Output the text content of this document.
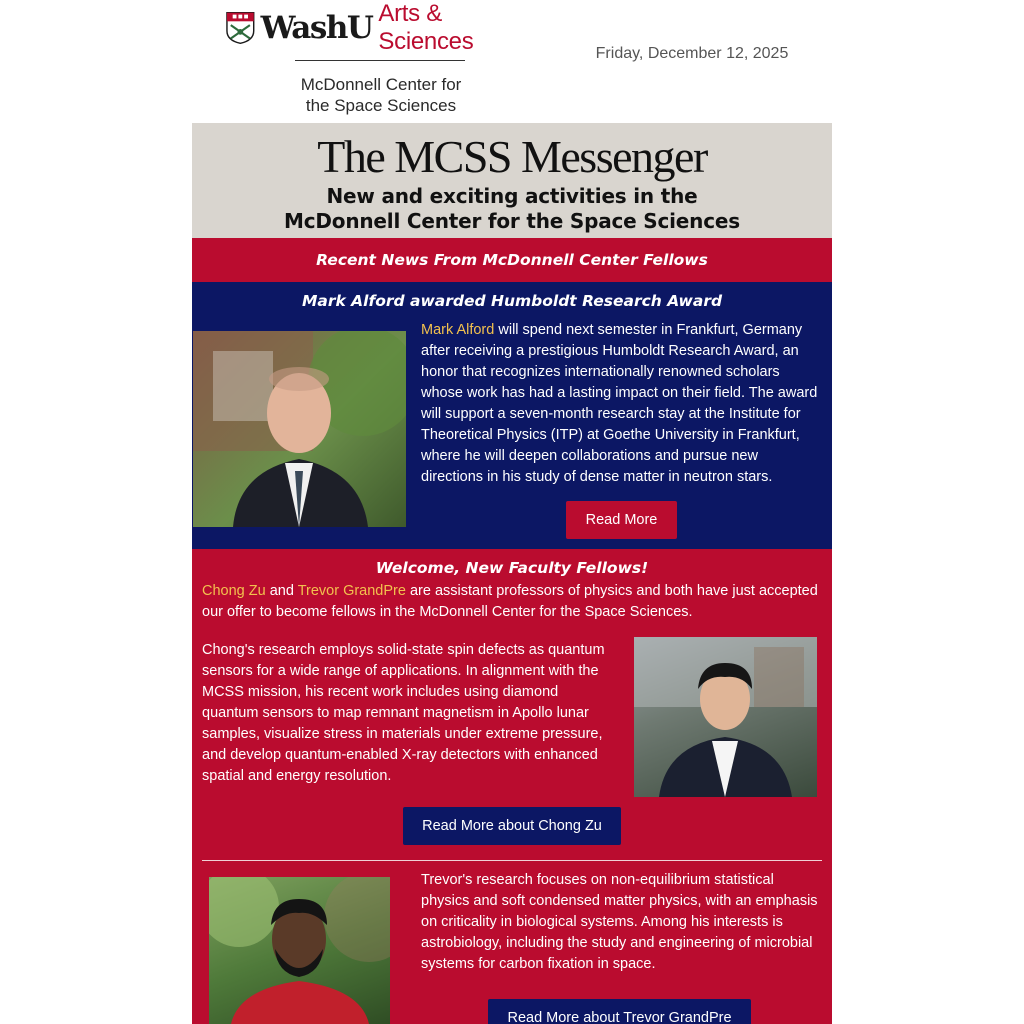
WashU Arts & Sciences
McDonnell Center for
the Space Sciences
Friday, December 12, 2025
The MCSS Messenger
New and exciting activities in the
McDonnell Center for the Space Sciences
Recent News From McDonnell Center Fellows
Mark Alford awarded Humboldt Research Award
Mark Alford will spend next semester in Frankfurt, Germany after receiving a prestigious Humboldt Research Award, an honor that recognizes internationally renowned scholars whose work has had a lasting impact on their field. The award will support a seven-month research stay at the Institute for Theoretical Physics (ITP) at Goethe University in Frankfurt, where he will deepen collaborations and pursue new directions in his study of dense matter in neutron stars.
Read More
Welcome, New Faculty Fellows!
Chong Zu and Trevor GrandPre are assistant professors of physics and both have just accepted our offer to become fellows in the McDonnell Center for the Space Sciences.
Chong's research employs solid-state spin defects as quantum sensors for a wide range of applications. In alignment with the MCSS mission, his recent work includes using diamond quantum sensors to map remnant magnetism in Apollo lunar samples, visualize stress in materials under extreme pressure, and develop quantum-enabled X-ray detectors with enhanced spatial and energy resolution.
Read More about Chong Zu
Trevor's research focuses on non-equilibrium statistical physics and soft condensed matter physics, with an emphasis on criticality in biological systems. Among his interests is astrobiology, including the study and engineering of microbial systems for carbon fixation in space.
Read More about Trevor GrandPre
